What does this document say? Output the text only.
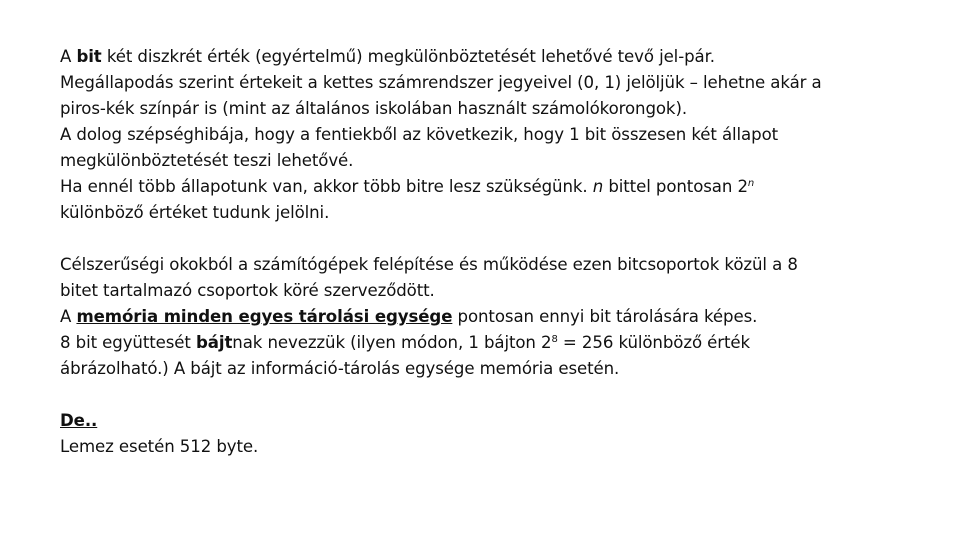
A bit két diszkrét érték (egyértelmű) megkülönböztetését lehetővé tevő jel-pár.
Megállapodás szerint értekeit a kettes számrendszer jegyeivel (0, 1) jelöljük – lehetne akár a
piros-kék színpár is (mint az általános iskolában használt számolókorongok).
A dolog szépséghibája, hogy a fentiekből az következik, hogy 1 bit összesen két állapot
megkülönböztetését teszi lehetővé.
Ha ennél több állapotunk van, akkor több bitre lesz szükségünk. n bittel pontosan 2$^n$
különböző értéket tudunk jelölni.
Célszerűségi okokból a számítógépek felépítése és működése ezen bitcsoportok közül a 8
bitet tartalmazó csoportok köré szerveződött.
A memória minden egyes tárolási egysége pontosan ennyi bit tárolására képes.
8 bit együttesét bájtnak nevezzük (ilyen módon, 1 bájton $2^8 = 256$ különböző érték
ábrázolható.) A bájt az információ-tárolás egysége memória esetén.
De..
Lemez esetén 512 byte.
